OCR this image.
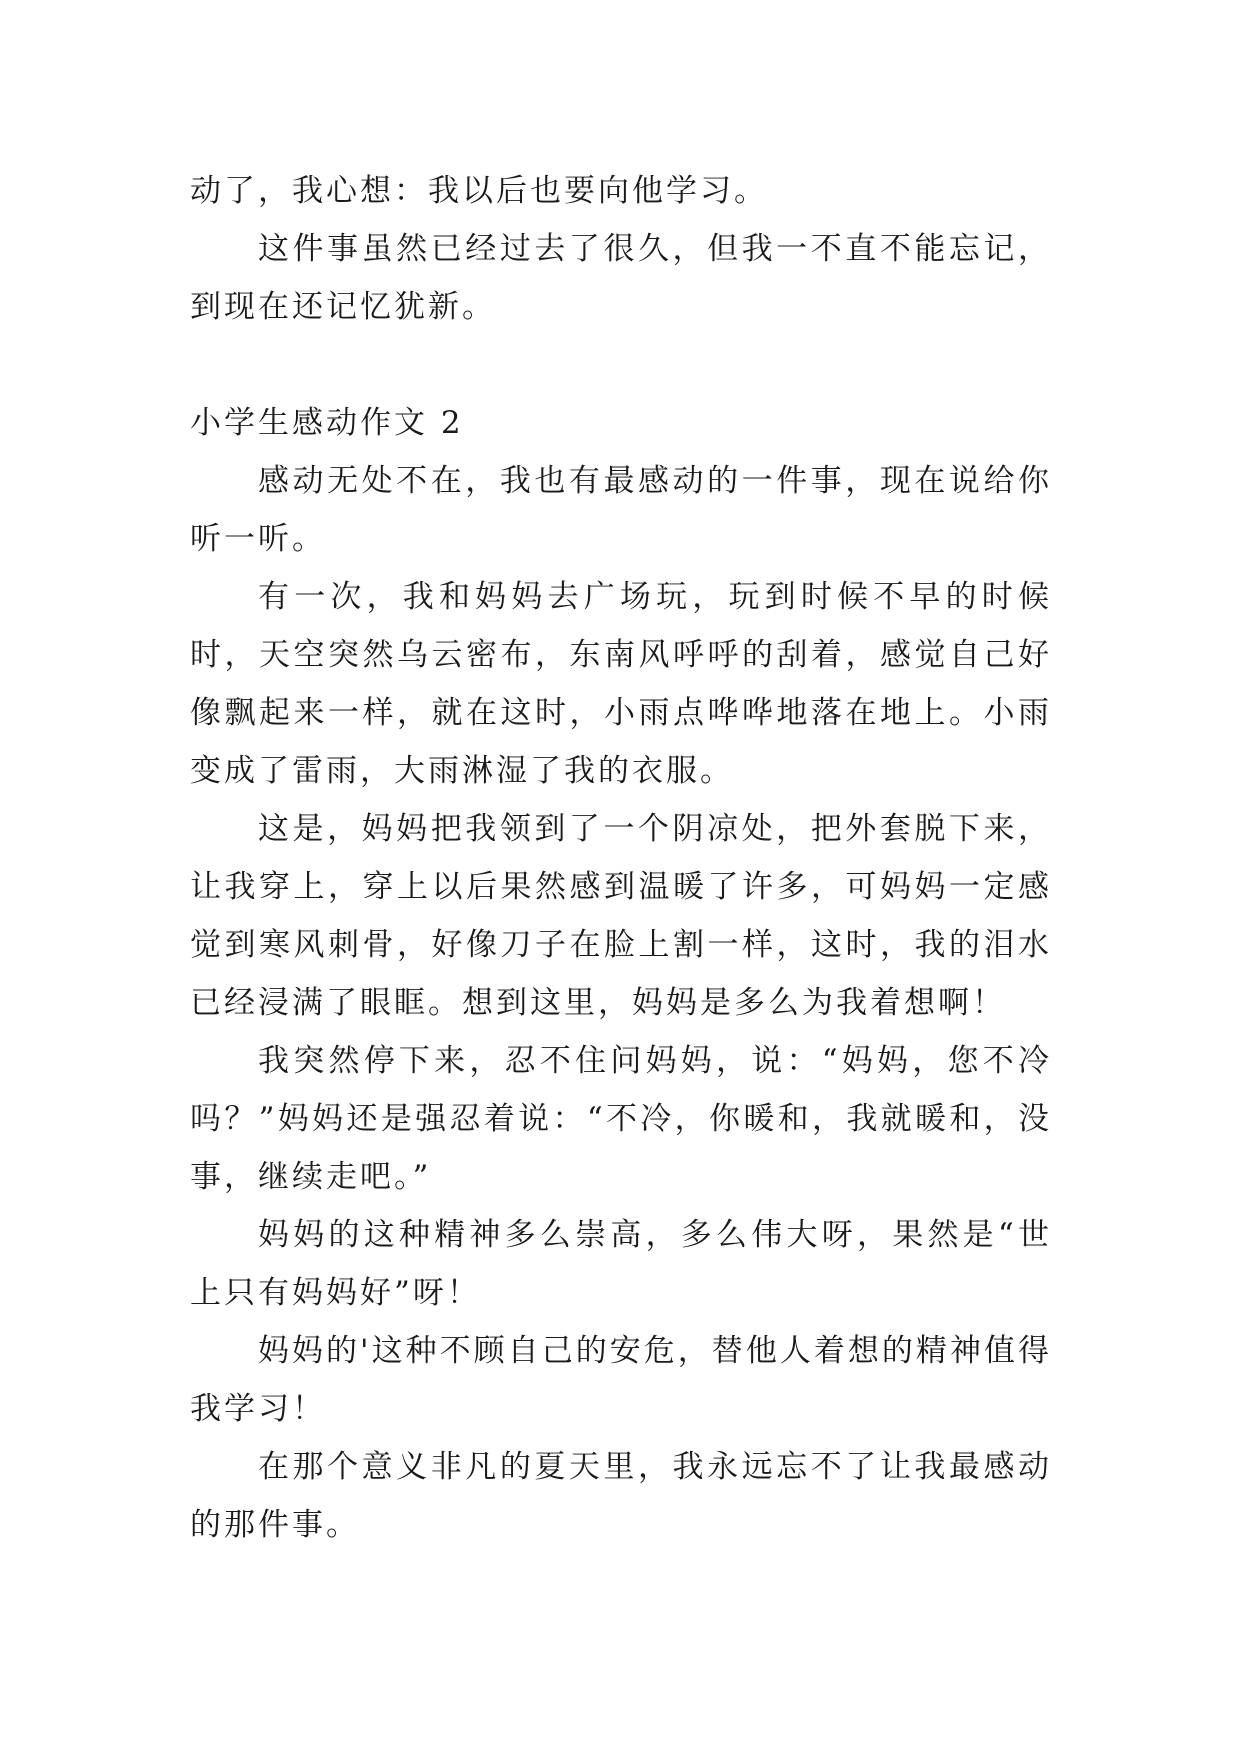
动了，我心想：我以后也要向他学习。

这件事虽然已经过去了很久，但我一不直不能忘记，到现在还记忆犹新。

小学生感动作文 2

感动无处不在，我也有最感动的一件事，现在说给你听一听。

有一次，我和妈妈去广场玩，玩到时候不早的时候时，天空突然乌云密布，东南风呼呼的刮着，感觉自己好像飘起来一样，就在这时，小雨点哗哗地落在地上。小雨变成了雷雨，大雨淋湿了我的衣服。

这是，妈妈把我领到了一个阴凉处，把外套脱下来，让我穿上，穿上以后果然感到温暖了许多，可妈妈一定感觉到寒风刺骨，好像刀子在脸上割一样，这时，我的泪水已经浸满了眼眶。想到这里，妈妈是多么为我着想啊！

我突然停下来，忍不住问妈妈，说：“妈妈，您不冷吗？”妈妈还是强忍着说：“不冷，你暖和，我就暖和，没事，继续走吧。”

妈妈的这种精神多么崇高，多么伟大呀，果然是“世上只有妈妈好”呀！

妈妈的'这种不顾自己的安危，替他人着想的精神值得我学习！

在那个意义非凡的夏天里，我永远忘不了让我最感动的那件事。
